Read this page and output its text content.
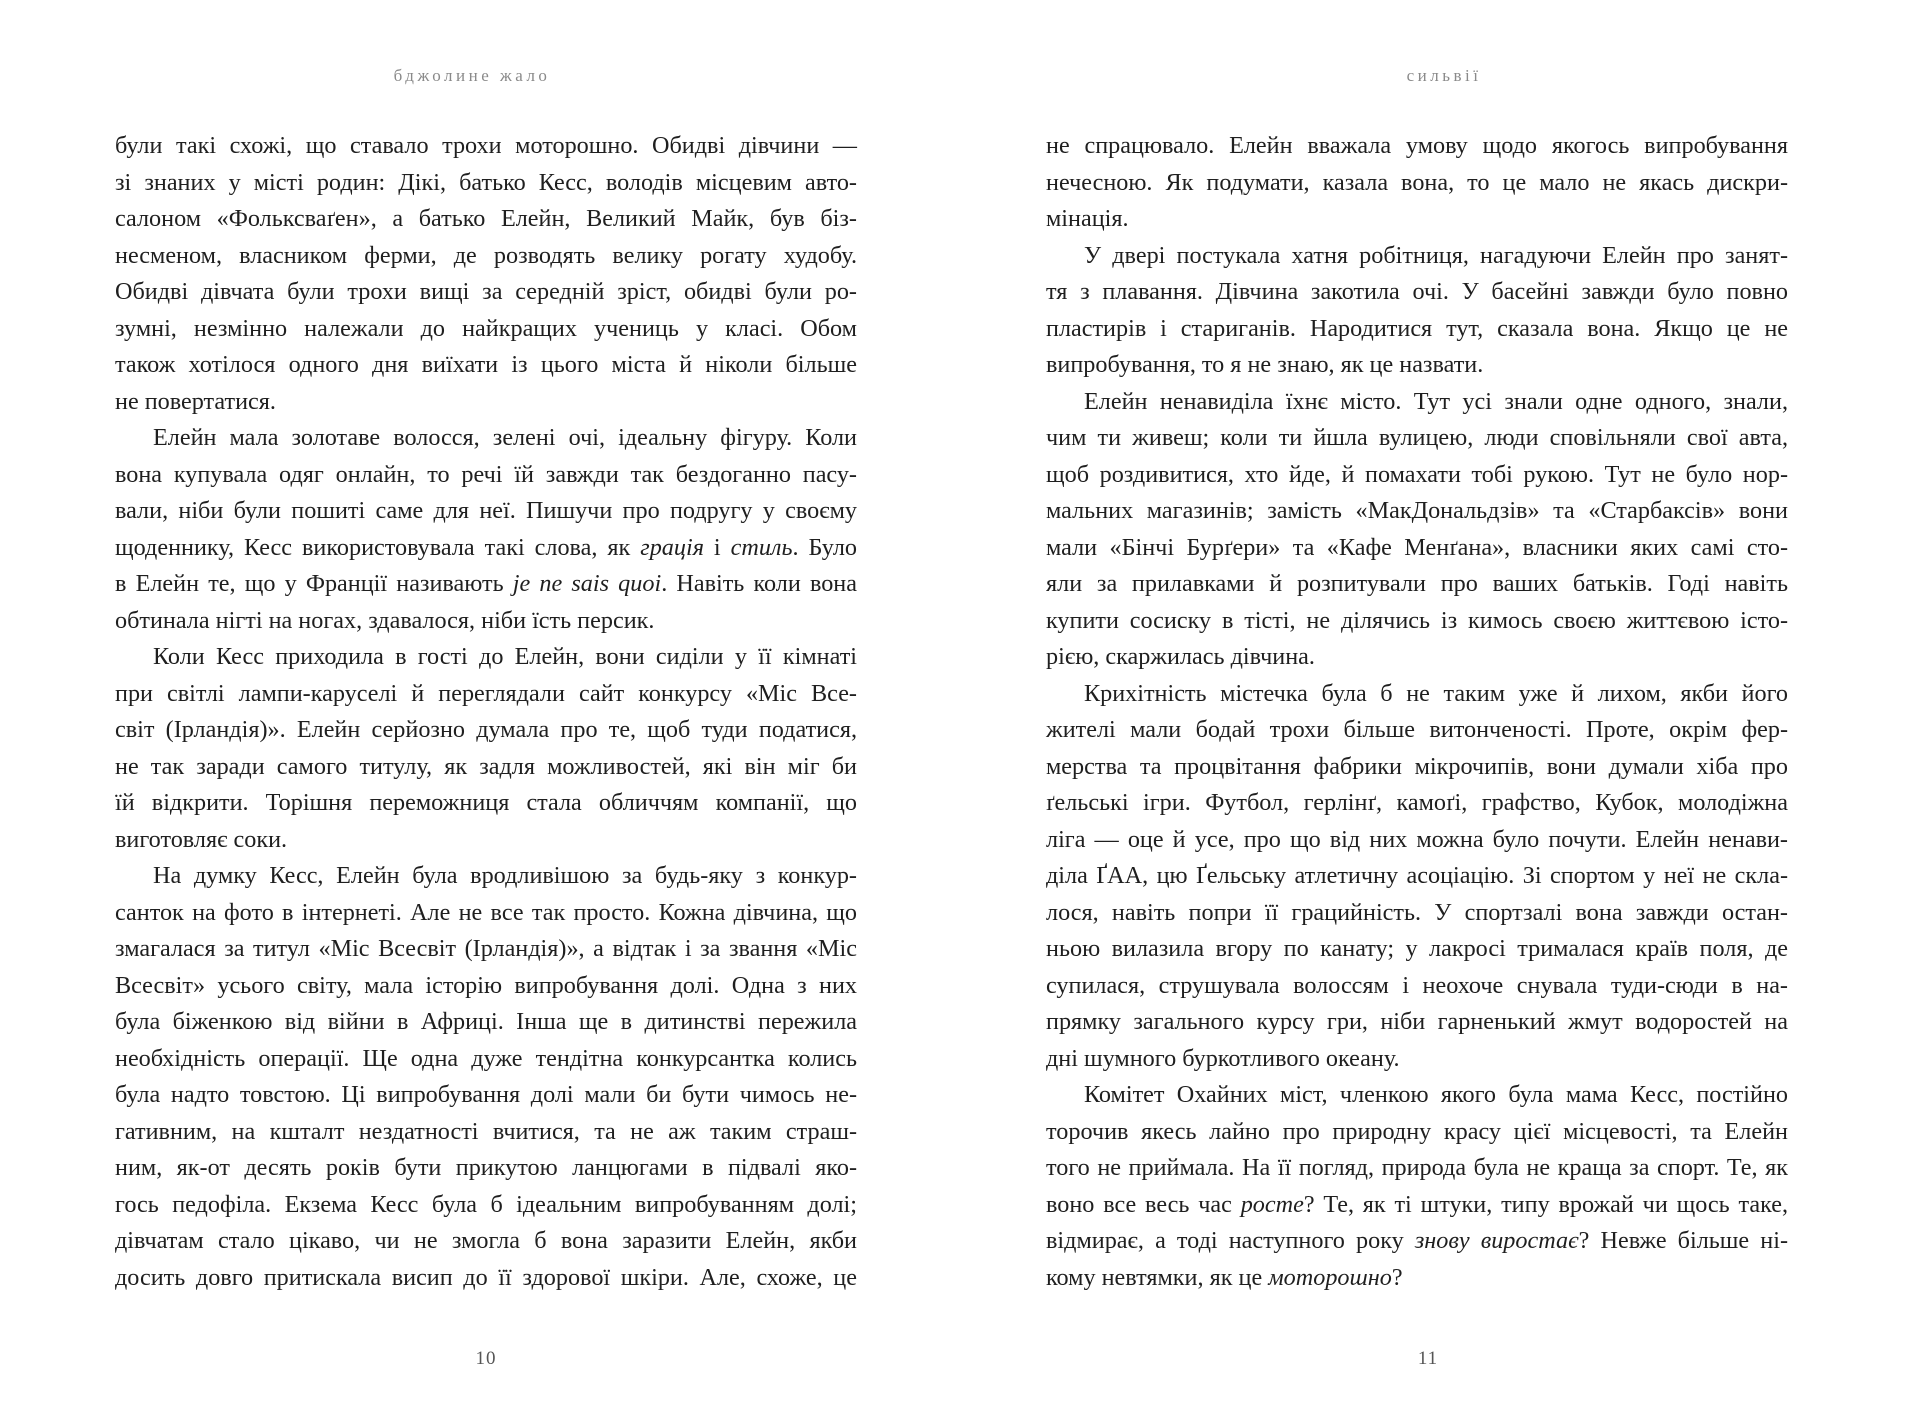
бджолине жало
були такі схожі, що ставало трохи моторошно. Обидві дівчини —
зі знаних у місті родин: Дікі, батько Кесс, володів місцевим авто-
салоном «Фольксваґен», а батько Елейн, Великий Майк, був біз-
несменом, власником ферми, де розводять велику рогату худобу.
Обидві дівчата були трохи вищі за середній зріст, обидві були ро-
зумні, незмінно належали до найкращих учениць у класі. Обом
також хотілося одного дня виїхати із цього міста й ніколи більше
не повертатися.
Елейн мала золотаве волосся, зелені очі, ідеальну фігуру. Коли
вона купувала одяг онлайн, то речі їй завжди так бездоганно пасу-
вали, ніби були пошиті саме для неї. Пишучи про подругу у своєму
щоденнику, Кесс використовувала такі слова, як грація і стиль. Було
в Елейн те, що у Франції називають je ne sais quoi. Навіть коли вона
обтинала нігті на ногах, здавалося, ніби їсть персик.
Коли Кесс приходила в гості до Елейн, вони сиділи у її кімнаті
при світлі лампи-каруселі й переглядали сайт конкурсу «Міс Все-
світ (Ірландія)». Елейн серйозно думала про те, щоб туди податися,
не так заради самого титулу, як задля можливостей, які він міг би
їй відкрити. Торішня переможниця стала обличчям компанії, що
виготовляє соки.
На думку Кесс, Елейн була вродливішою за будь-яку з конкур-
санток на фото в інтернеті. Але не все так просто. Кожна дівчина, що
змагалася за титул «Міс Всесвіт (Ірландія)», а відтак і за звання «Міс
Всесвіт» усього світу, мала історію випробування долі. Одна з них
була біженкою від війни в Африці. Інша ще в дитинстві пережила
необхідність операції. Ще одна дуже тендітна конкурсантка колись
була надто товстою. Ці випробування долі мали би бути чимось не-
гативним, на кшталт нездатності вчитися, та не аж таким страш-
ним, як-от десять років бути прикутою ланцюгами в підвалі яко-
гось педофіла. Екзема Кесс була б ідеальним випробуванням долі;
дівчатам стало цікаво, чи не змогла б вона заразити Елейн, якби
досить довго притискала висип до її здорової шкіри. Але, схоже, це
10
сильвії
не спрацювало. Елейн вважала умову щодо якогось випробування
нечесною. Як подумати, казала вона, то це мало не якась дискри-
мінація.
У двері постукала хатня робітниця, нагадуючи Елейн про занят-
тя з плавання. Дівчина закотила очі. У басейні завжди було повно
пластирів і стариганів. Народитися тут, сказала вона. Якщо це не
випробування, то я не знаю, як це назвати.
Елейн ненавиділа їхнє місто. Тут усі знали одне одного, знали,
чим ти живеш; коли ти йшла вулицею, люди сповільняли свої авта,
щоб роздивитися, хто йде, й помахати тобі рукою. Тут не було нор-
мальних магазинів; замість «МакДональдзів» та «Старбаксів» вони
мали «Бінчі Бурґери» та «Кафе Менґана», власники яких самі сто-
яли за прилавками й розпитували про ваших батьків. Годі навіть
купити сосиску в тісті, не ділячись із кимось своєю життєвою істо-
рією, скаржилась дівчина.
Крихітність містечка була б не таким уже й лихом, якби його
жителі мали бодай трохи більше витонченості. Проте, окрім фер-
мерства та процвітання фабрики мікрочипів, вони думали хіба про
ґельські ігри. Футбол, герлінґ, камоґі, графство, Кубок, молодіжна
ліга — оце й усе, про що від них можна було почути. Елейн ненави-
діла ҐАА, цю Ґельську атлетичну асоціацію. Зі спортом у неї не скла-
лося, навіть попри її грацийність. У спортзалі вона завжди остан-
ньою вилазила вгору по канату; у лакросі трималася країв поля, де
супилася, струшувала волоссям і неохоче снувала туди-сюди в на-
прямку загального курсу гри, ніби гарненький жмут водоростей на
дні шумного буркотливого океану.
Комітет Охайних міст, членкою якого була мама Кесс, постійно
торочив якесь лайно про природну красу цієї місцевості, та Елейн
того не приймала. На її погляд, природа була не краща за спорт. Те, як
воно все весь час росте? Те, як ті штуки, типу врожай чи щось таке,
відмирає, а тоді наступного року знову виростає? Невже більше ні-
кому невтямки, як це моторошно?
11
